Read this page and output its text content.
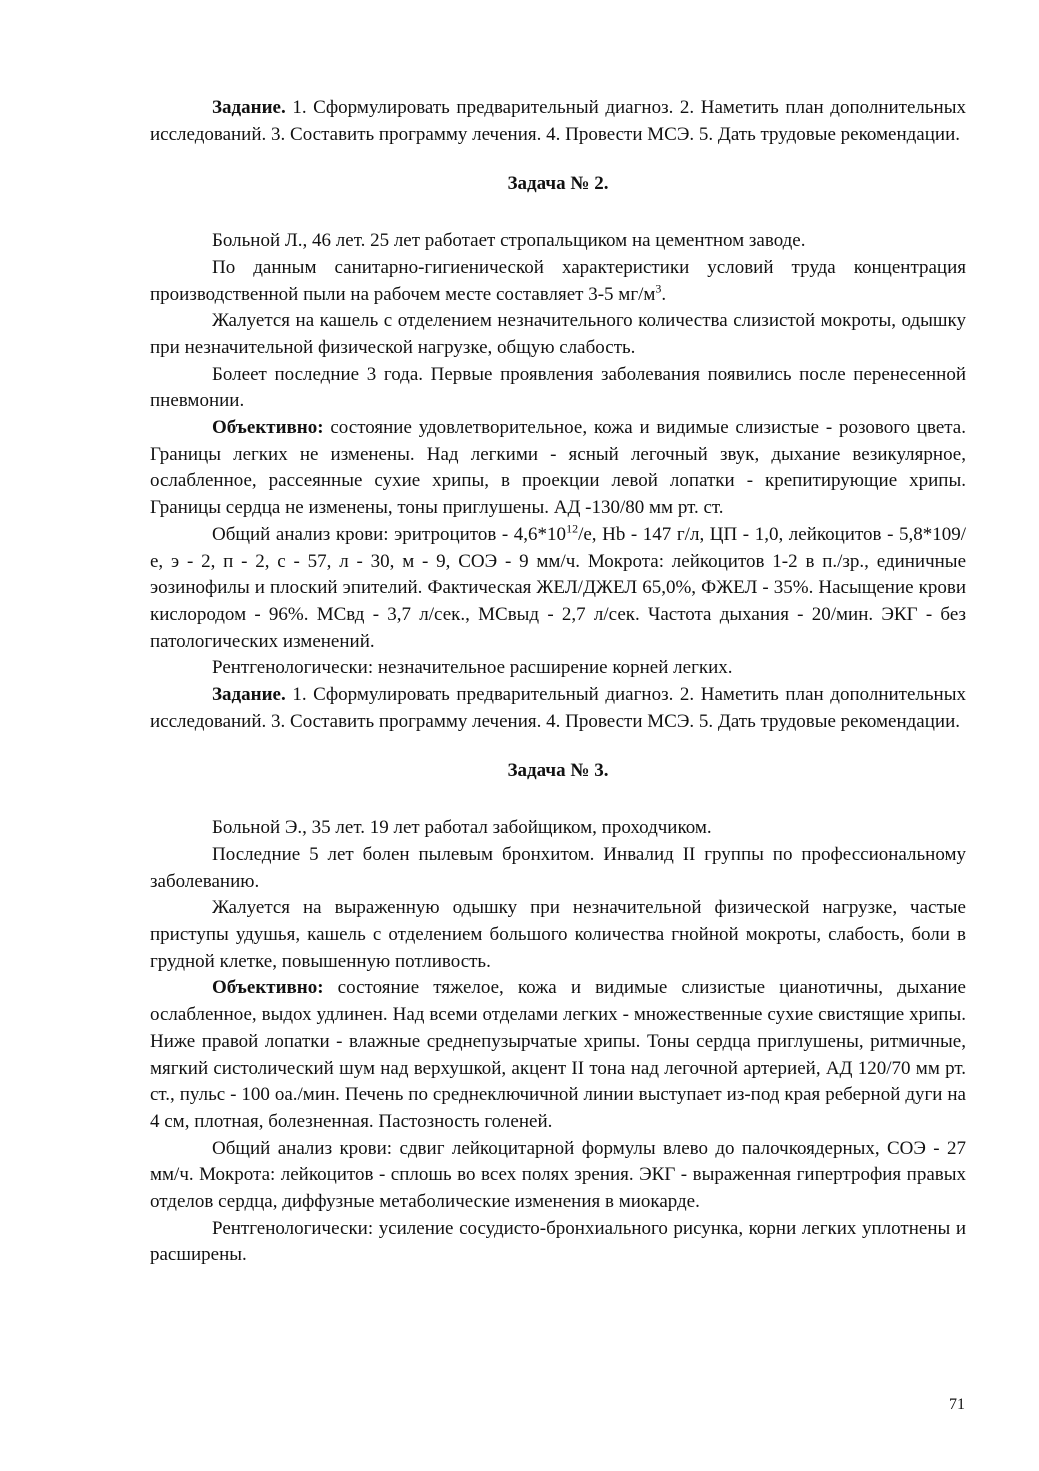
Задание. 1. Сформулировать предварительный диагноз. 2. Наметить план дополнительных исследований. 3. Составить программу лечения. 4. Провести МСЭ. 5. Дать трудовые рекомендации.

Задача № 2.

Больной Л., 46 лет. 25 лет работает стропальщиком на цементном заводе.

По данным санитарно-гигиенической характеристики условий труда концентрация производственной пыли на рабочем месте составляет 3-5 $мг/м^3$.

Жалуется на кашель с отделением незначительного количества слизистой мокроты, одышку при незначительной физической нагрузке, общую слабость.

Болеет последние 3 года. Первые проявления заболевания появились после перенесенной пневмонии.

Объективно: состояние удовлетворительное, кожа и видимые слизистые - розового цвета. Границы легких не изменены. Над легкими - ясный легочный звук, дыхание везикулярное, ослабленное, рассеянные сухие хрипы, в проекции левой лопатки - крепитирующие хрипы. Границы сердца не изменены, тоны приглушены. АД -130/80 мм рт. ст.

Общий анализ крови: эритроцитов - $4,6*10^{12}/е$, Hb - 147 г/л, ЦП - 1,0, лейкоцитов - 5,8*109/е, э - 2, п - 2, с - 57, л - 30, м - 9, СОЭ - 9 мм/ч. Мокрота: лейкоцитов 1-2 в п./зр., единичные эозинофилы и плоский эпителий. Фактическая ЖЕЛ/ДЖЕЛ 65,0%, ФЖЕЛ - 35%. Насыщение крови кислородом - 96%. МСвд - 3,7 л/сек., МСвыд - 2,7 л/сек. Частота дыхания - 20/мин. ЭКГ - без патологических изменений.

Рентгенологически: незначительное расширение корней легких.

Задание. 1. Сформулировать предварительный диагноз. 2. Наметить план дополнительных исследований. 3. Составить программу лечения. 4. Провести МСЭ. 5. Дать трудовые рекомендации.

Задача № 3.

Больной Э., 35 лет. 19 лет работал забойщиком, проходчиком.

Последние 5 лет болен пылевым бронхитом. Инвалид II группы по профессиональному заболеванию.

Жалуется на выраженную одышку при незначительной физической нагрузке, частые приступы удушья, кашель с отделением большого количества гнойной мокроты, слабость, боли в грудной клетке, повышенную потливость.

Объективно: состояние тяжелое, кожа и видимые слизистые цианотичны, дыхание ослабленное, выдох удлинен. Над всеми отделами легких - множественные сухие свистящие хрипы. Ниже правой лопатки - влажные среднепузырчатые хрипы. Тоны сердца приглушены, ритмичные, мягкий систолический шум над верхушкой, акцент II тона над легочной артерией, АД 120/70 мм рт. ст., пульс - 100 оа./мин. Печень по среднеключичной линии выступает из-под края реберной дуги на 4 см, плотная, болезненная. Пастозность голеней.

Общий анализ крови: сдвиг лейкоцитарной формулы влево до палочкоядерных, СОЭ - 27 мм/ч. Мокрота: лейкоцитов - сплошь во всех полях зрения. ЭКГ - выраженная гипертрофия правых отделов сердца, диффузные метаболические изменения в миокарде.

Рентгенологически: усиление сосудисто-бронхиального рисунка, корни легких уплотнены и расширены.

71
